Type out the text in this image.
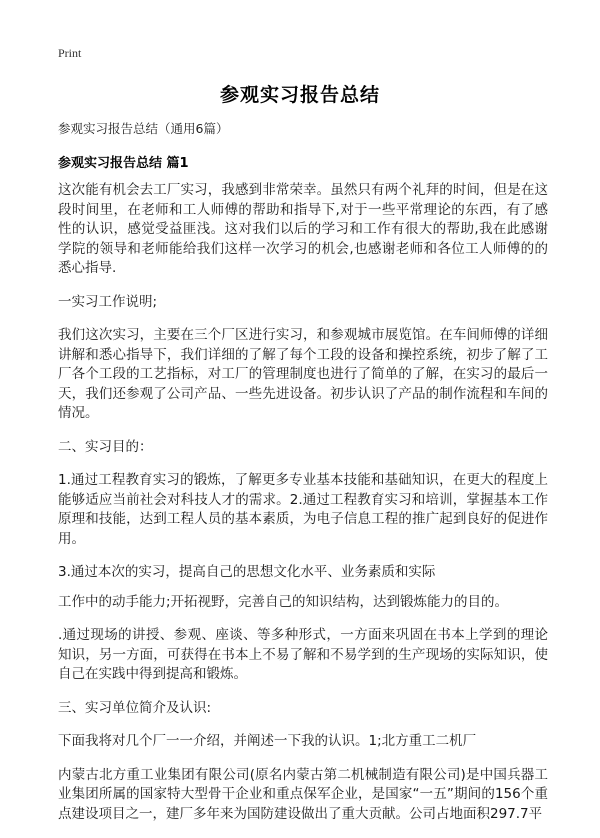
Print
参观实习报告总结
参观实习报告总结（通用6篇）
参观实习报告总结 篇1

这次能有机会去工厂实习，我感到非常荣幸。虽然只有两个礼拜的时间，但是在这段时间里，在老师和工人师傅的帮助和指导下,对于一些平常理论的东西，有了感性的认识，感觉受益匪浅。这对我们以后的学习和工作有很大的帮助,我在此感谢学院的领导和老师能给我们这样一次学习的机会,也感谢老师和各位工人师傅的的悉心指导.

一实习工作说明;

我们这次实习，主要在三个厂区进行实习，和参观城市展览馆。在车间师傅的详细讲解和悉心指导下，我们详细的了解了每个工段的设备和操控系统，初步了解了工厂各个工段的工艺指标，对工厂的管理制度也进行了简单的了解，在实习的最后一天，我们还参观了公司产品、一些先进设备。初步认识了产品的制作流程和车间的情况。

二、实习目的：

1.通过工程教育实习的锻炼，了解更多专业基本技能和基础知识，在更大的程度上能够适应当前社会对科技人才的需求。2.通过工程教育实习和培训，掌握基本工作原理和技能，达到工程人员的基本素质，为电子信息工程的推广起到良好的促进作用。

3.通过本次的实习，提高自己的思想文化水平、业务素质和实际

工作中的动手能力;开拓视野，完善自己的知识结构，达到锻炼能力的目的。

.通过现场的讲授、参观、座谈、等多种形式，一方面来巩固在书本上学到的理论知识，另一方面，可获得在书本上不易了解和不易学到的生产现场的实际知识，使自己在实践中得到提高和锻炼。

三、实习单位简介及认识:

下面我将对几个厂一一介绍，并阐述一下我的认识。1;北方重工二机厂

内蒙古北方重工业集团有限公司(原名内蒙古第二机械制造有限公司)是中国兵器工业集团所属的国家特大型骨干企业和重点保军企业，是国家“一五”期间的156个重点建设项目之一，建厂多年来为国防建设做出了重大贡献。公司占地面积297.7平
